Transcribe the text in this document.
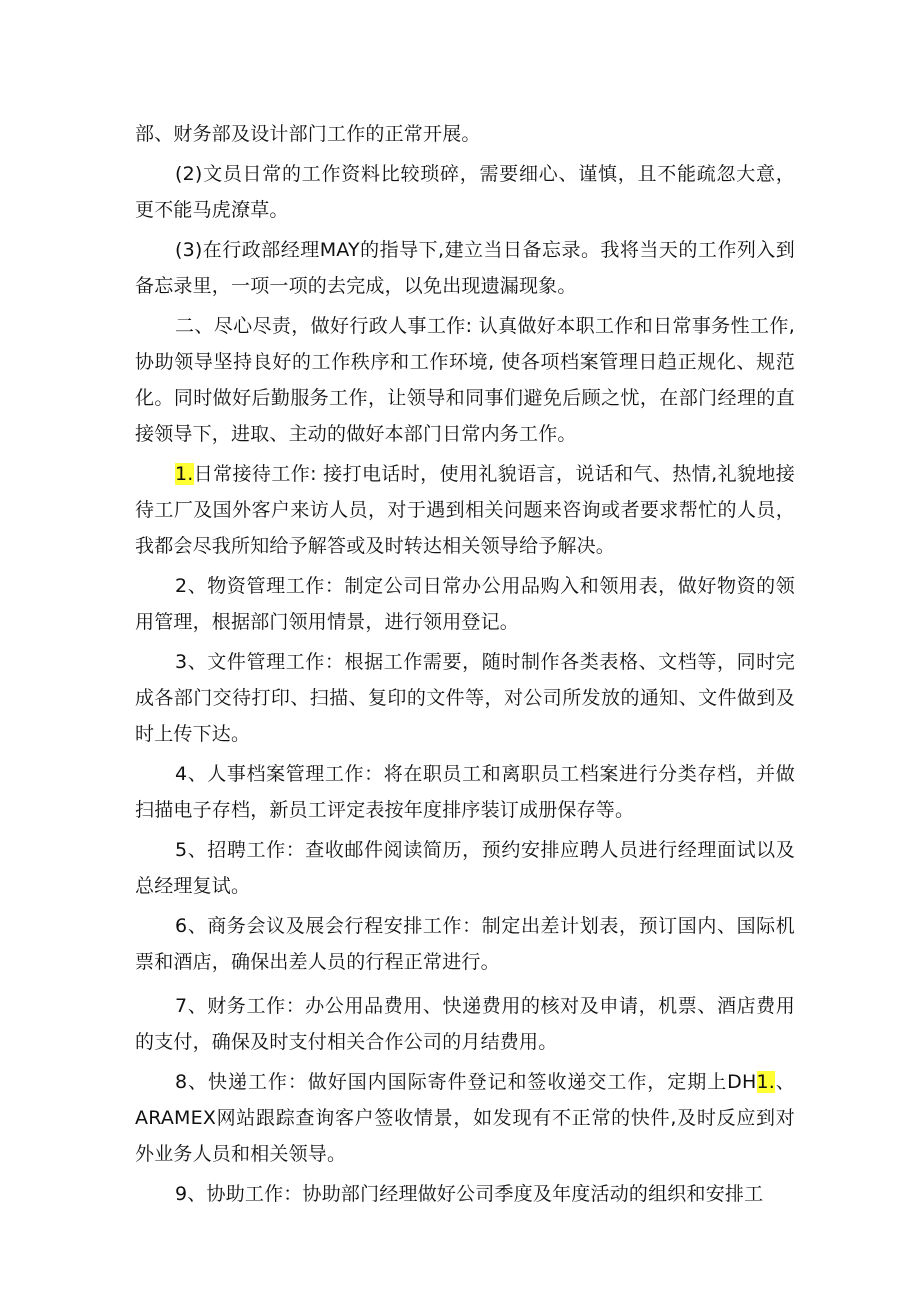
部、财务部及设计部门工作的正常开展。

(2)文员日常的工作资料比较琐碎，需要细心、谨慎，且不能疏忽大意，更不能马虎潦草。

(3)在行政部经理MAY的指导下,建立当日备忘录。我将当天的工作列入到备忘录里，一项一项的去完成，以免出现遗漏现象。

二、尽心尽责，做好行政人事工作: 认真做好本职工作和日常事务性工作, 协助领导坚持良好的工作秩序和工作环境, 使各项档案管理日趋正规化、规范化。同时做好后勤服务工作，让领导和同事们避免后顾之忧，在部门经理的直接领导下，进取、主动的做好本部门日常内务工作。

1.日常接待工作: 接打电话时，使用礼貌语言，说话和气、热情,礼貌地接待工厂及国外客户来访人员，对于遇到相关问题来咨询或者要求帮忙的人员，我都会尽我所知给予解答或及时转达相关领导给予解决。

2、物资管理工作：制定公司日常办公用品购入和领用表，做好物资的领用管理，根据部门领用情景，进行领用登记。

3、文件管理工作：根据工作需要，随时制作各类表格、文档等，同时完成各部门交待打印、扫描、复印的文件等，对公司所发放的通知、文件做到及时上传下达。

4、人事档案管理工作：将在职员工和离职员工档案进行分类存档，并做扫描电子存档，新员工评定表按年度排序装订成册保存等。

5、招聘工作：查收邮件阅读简历，预约安排应聘人员进行经理面试以及总经理复试。

6、商务会议及展会行程安排工作：制定出差计划表，预订国内、国际机票和酒店，确保出差人员的行程正常进行。

7、财务工作：办公用品费用、快递费用的核对及申请，机票、酒店费用的支付，确保及时支付相关合作公司的月结费用。

8、快递工作：做好国内国际寄件登记和签收递交工作，定期上DH1.、ARAMEX网站跟踪查询客户签收情景，如发现有不正常的快件,及时反应到对外业务人员和相关领导。

9、协助工作：协助部门经理做好公司季度及年度活动的组织和安排工
